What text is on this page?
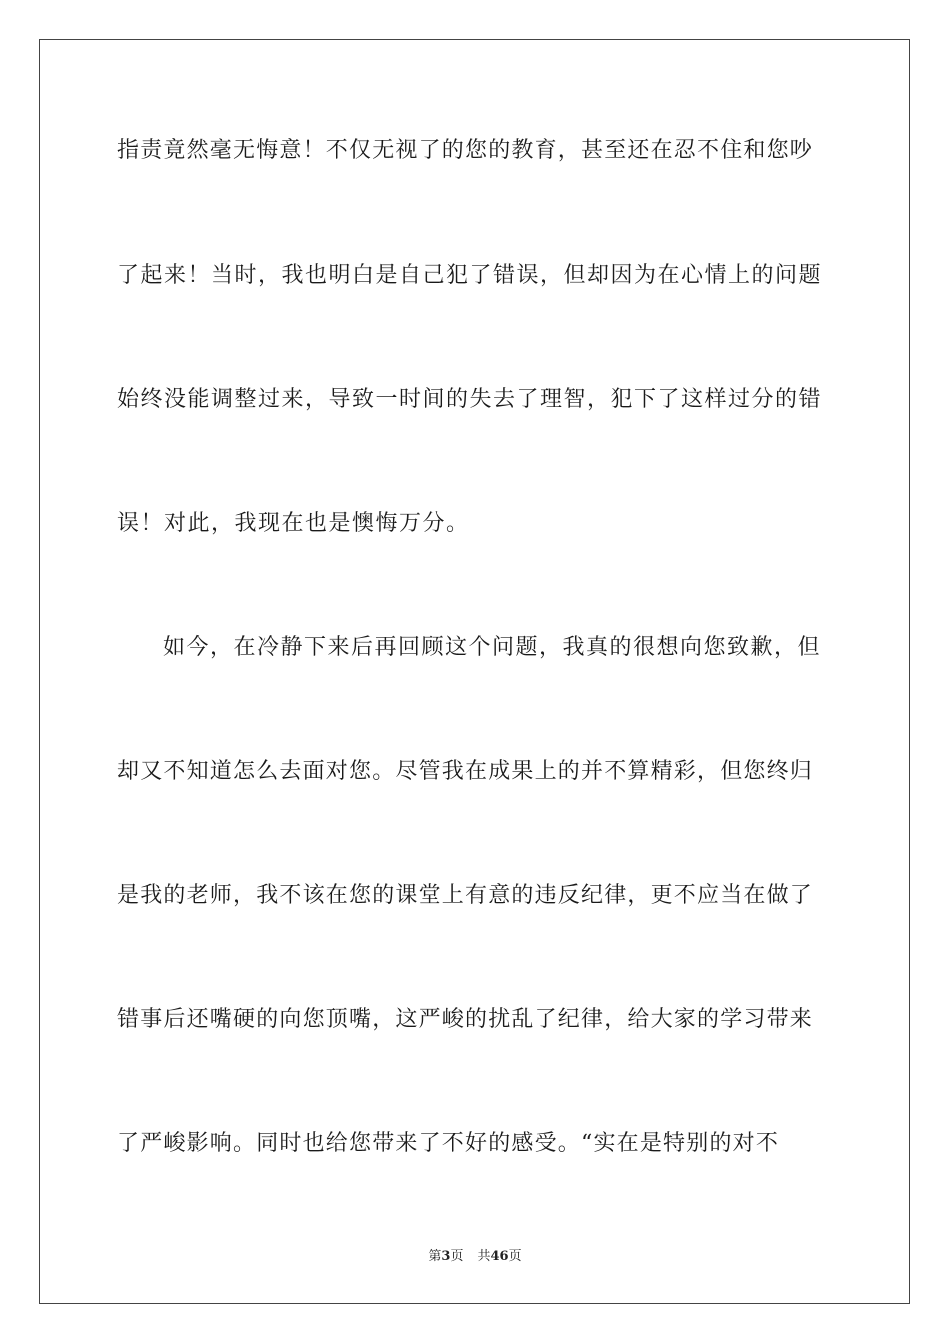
指责竟然毫无悔意！不仅无视了的您的教育，甚至还在忍不住和您吵
了起来！当时，我也明白是自己犯了错误，但却因为在心情上的问题
始终没能调整过来，导致一时间的失去了理智，犯下了这样过分的错
误！对此，我现在也是懊悔万分。
如今，在冷静下来后再回顾这个问题，我真的很想向您致歉，但
却又不知道怎么去面对您。尽管我在成果上的并不算精彩，但您终归
是我的老师，我不该在您的课堂上有意的违反纪律，更不应当在做了
错事后还嘴硬的向您顶嘴，这严峻的扰乱了纪律，给大家的学习带来
了严峻影响。同时也给您带来了不好的感受。“实在是特别的对不
第3页 共46页
